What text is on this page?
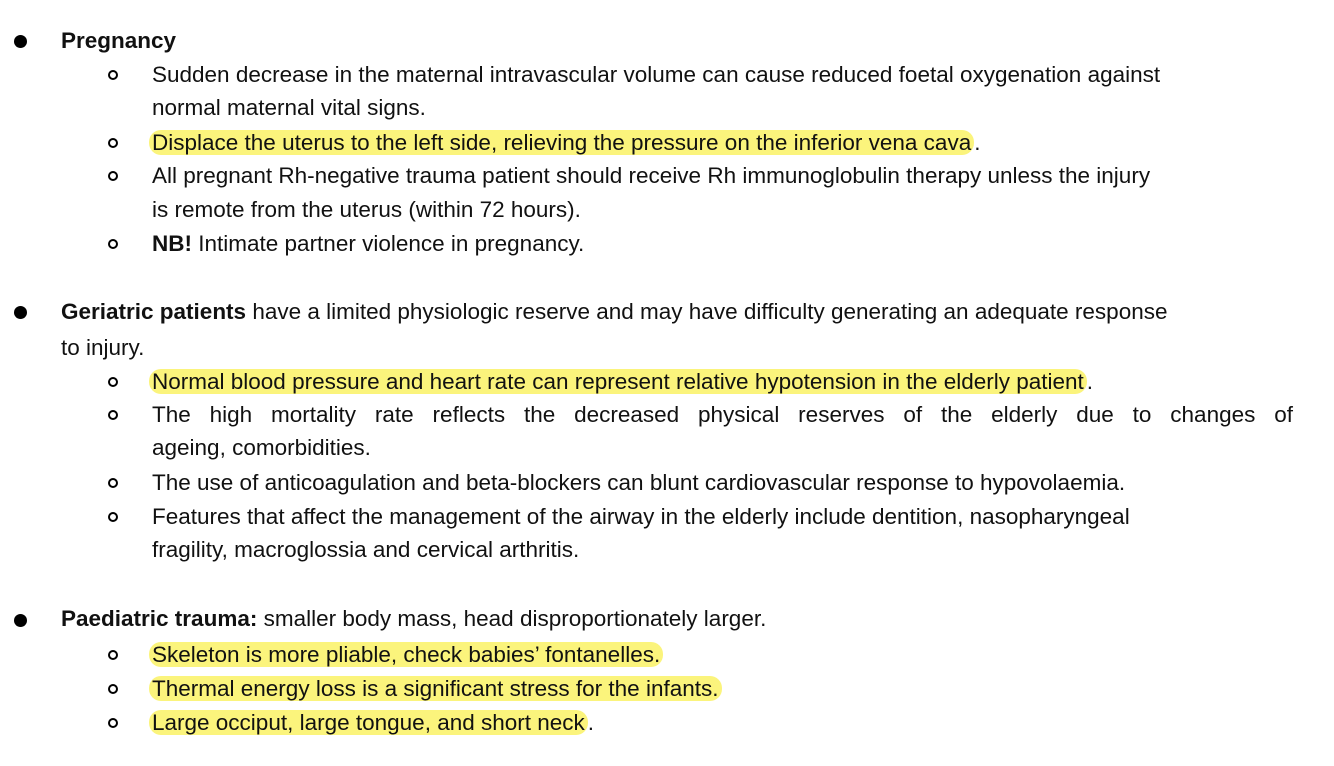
Pregnancy
Sudden decrease in the maternal intravascular volume can cause reduced foetal oxygenation against
normal maternal vital signs.
Displace the uterus to the left side, relieving the pressure on the inferior vena cava .
All pregnant Rh-negative trauma patient should receive Rh immunoglobulin therapy unless the injury
is remote from the uterus (within 72 hours).
NB! Intimate partner violence in pregnancy.
Geriatric patients have a limited physiologic reserve and may have difficulty generating an adequate response
to injury.
Normal blood pressure and heart rate can represent relative hypotension in the elderly patient .
The high mortality rate reflects the decreased physical reserves of the elderly due to changes of
ageing, comorbidities.
The use of anticoagulation and beta-blockers can blunt cardiovascular response to hypovolaemia.
Features that affect the management of the airway in the elderly include dentition, nasopharyngeal
fragility, macroglossia and cervical arthritis.
Paediatric trauma: smaller body mass, head disproportionately larger.
Skeleton is more pliable, check babies’ fontanelles.
Thermal energy loss is a significant stress for the infants.
Large occiput, large tongue, and short neck .
